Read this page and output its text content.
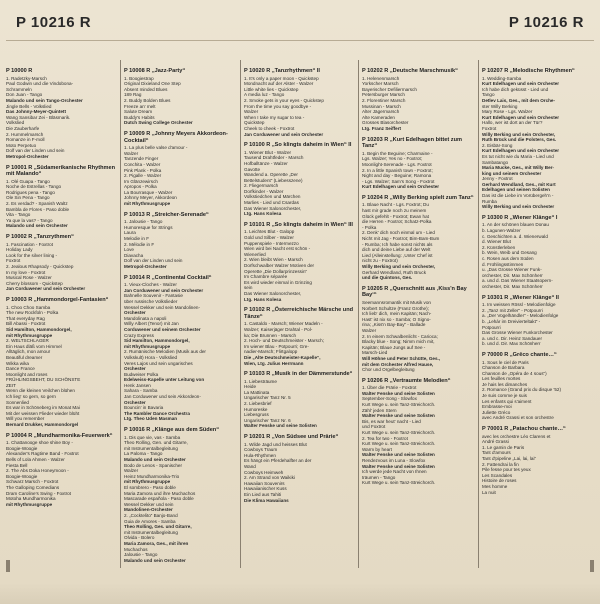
P 10216 R	P 10216 R
P 10000 R
1. Radetzky-Marsch
Paul Godwin und die Vindobona-
Schrammeln
Don Juan - Tango
Malando und sein Tango-Orchester
Jingle Bells - Volkslied
Das Johnny-Meyer-Quintett
Wang Sansibar Zei - Bläsmarik.
Volkslied
Die Zauberharfe
2. Hummelmarsch
Romanze in F-moll
Moto Perpetuo
Dolf van der Linden und sein
Metropol-Orchester
P 10001 R „Südamerikanische Rhythmen mit Malando“
1. Olé Guapa - Tango
Noche de Estrellas - Tango
Rodrigues pena - Tango
Ole Sin Pena - Tango
2. Es verdad? - Spanish Waltz
Bambla de Flores - Paso doble
Vita - Tango
Ya que la vas? - Tango
Malando und sein Orchester
P 10002 R „Tanzrythmen“
1. Fascination - Foxtrot
Holiday Lady
Look for the silver lining -
Foxtrot
2. Jealous Rhapsody - Quickstep
In my love - Foxtrot
Musical Rose - Walzer
Cherry blossom - Quickstep
Jan Corduwener und sein Orchester
P 10003 R „Hammondorgel-Fantasien“
1. Choo Choo Samba
The new Rockfoln - Polka
That everyday Rag
Bill Abassi - Foxtrot
Sid Hamilton, Hammondorgel,
mit Rhythmusgruppe
2. WELTSCHLAGER
Ein Haus dläß vom Himmel
Alltäglich, mon amour
Beautiful dreamer
Wikka wika
Dance France
Moonlight and roses
FRÜHLINGSBEHT, DU SCHÖNSTE
ZEIT
Wenn die kleinen Veilchen blühen
Ich lieg' so gern, so gern
Sonnenlied
Es war in Schöneberg im Monat Mai
Mit der weissen Flieder wieder blüht
Will you remember
Bernard Drukker, Hammondorgel
P 10004 R „Mundharmonika-Feuerwerk“
1. Chattanooge shoe shine Boy -
Boogie-Woogie
Alexander's Ragtime Band - Foxtrot
Bells of Lola Ahmen - Walzer
Fiesta Bell
2. The Abs Doka Honeymoon -
Boogie-Woogie
Schwarz Marsch - Foxtrot
The Galloping Comedians
Dram Caroline's Swing - Foxtrot
Motoha Mundharmonika
mit Rhythmusgruppe
P 10008 R „Jazz-Party“
1. Boogiestrap
Original Dixieland One Step
Absent minded Blues
189 Rag
2. Buddy Bolden Blues
Freeze an' melt
Salute Dream
Buddy's Habits
Dutch Swing College Orchester
P 10009 R „Johnny Meyers Akkordeon-Cocktail“
1. La plus belle valse d'amour -
Walzer
Tanzende Finger
Conchita - Walzer
Pink Plank - Polka
2. Pigalle - Walzer
Im Glänzewirsch
Apropos - Polka
La Bourrasque - Walzer
Johnny Meyer, Akkordeon
mit Rhythmusgruppe
P 10013 R „Streicher-Serenade“
1. Jalousie - Tango
Humoresque for Strings
Laura
Melodie in F
2. Mélodie in F
Love
Diavacha
Dolf van der Linden und sein
Metropol-Orchester
P 10014 R „Continental Cocktail“
1. Vieux-Cloches - Walzer
Jan Corduwener und sein Orchester
Bahnelle Souvenir - Fantasie
über russische Volkslieder
Wessel Dekker und sein Mandolinen-
Orchester
Mandolinata a napoli
Willy Albert (Tenor) mit Jan
Corduwener und seinem Orchester
Crazy Express
Sid Hamilton, Hammondorgel,
mit Rhythmusgruppe
2. Rumänische Melodien (Musik aus der
Volkskult) Hora - Volkslied
Veres Lajos und sein ungarisches
Orchester
Budweiser Polka
Edelweiss-Kapelle unter Leitung von
Henk Jansen
Sahara - Samba
Jan Corduwener und sein Akkordeon-
Orchester
Bouncin' in Bavaria
The Rambler Dance Orchestra
Ltg. Theo Uden Masman
P 10016 R „Klänge aus dem Süden“
1. Dis que vie, vas - Samba
Theo Rolling, Gen. und Gitarre,
mit Instrumentalbegleitung
La Paloma - Tango
Malando und sein Orchester
Bodo de Lenos - Spanischer
Walzer
Heinz Mundharmonika-Trio
mit Rhythmusgruppe
El sombrero - Paso doble
Maria Zamora und ihre Muchachos
Mascarade española - Paso doble
Wessel Dekker und sein
Mandolinen-Orchester
2. „Cocktelito“ Banjo-Band
Guia de Amores - Samba
Theo Rolling, Ges. und Gitarre,
mit Instrumentalbegleitung
Olvida - Bolero
Maria Zamora, Ges., mit ihren
Muchachos
Jalousie - Tango
Malando und sein Orchester
P 10020 R „Tanzrhythmen“ II
1. It's only a paper moon - Quickstep
Mondnacht auf der Alster - Walzer
Little white lies - Quickstep
A media luz - Tango
2. Smoke gets in your eyes - Quickstep
From the time you say goodbye -
Walzer
When I take my sugar to tea -
Quickstep
Cheek to cheek - Foxtrot
Jan Corduwener und sein Orchester
P 10100 R „So klingts daheim in Wien“ II
1. Wiener Blut - Walzer
Tausend Drahtfeder - Marsch
Hofballtänze - Walzer
Gavotte
Wandend a. Operette „Der
Bettelstudent“ (Liebesszene)
2. Fliegermarsch
Dorfkinder - Walzer
Volkstiedchen und Märchen
Marlies - Lied und Csardas
Das Wiener Salonorchester,
Ltg. Hans Kolesa
P 10101 R „So klingts daheim in Wien“ III
1. Leichtes Blut - Galopp
Gold und Silber - Walzer
Puppenspiele - Intermezzo
Wien wird bei Nacht erst schön -
Wienerlied
2. Wien bleibt Wien - Marsch
Dorfschwalber Walzer Motiven der
Operette „Die Dollarprinzessin“
Im Chambre séparée
Es wird wieder einmal in Grinzing
sein
Das Wiener Salonorchester,
Ltg. Hans Kolesa
P 10102 R „Österreichische Märsche und Tänze“
1. Castaldo - Marsch; Wiener Madeln -
Walzer; Kaiserjäger Drahtal - Pol-
ka; Die Brunnen - Marsch
2. Hoch- und Deutschmeister - Marsch;
Im wiener Blau - Potpourri; Gre-
nadier-Marsch; Flirtgalopp
Die „Alte Deutschmeister-Kapelle“,
Wien, Ltg. Julius Herrmann
P 10103 R „Musik in der Dämmerstunde“
1. Liebesträume
Heide
La Mattinata
Ungarischer Tanz Nr. 5
2. Liebesbrief
Humoreske
Liebesgruss
Ungarischer Tanz Nr. 6
Walter Fenske und seine Solisten
P 10201 R „Von Südsee und Prärie“
1. Wilde Jagd und heisses Blut
Cowboys Traum
Hula-Rhythmen
Es hängt ein Pferdehalfter an der
Wand
Cowboys Heimweh
2. Am Strand von Waikiki
Hawaiian Souvenirs
Hawaiianischer Kuss
Ein Lied aus Tahiti
Die Klima Hawaiians
P 10202 R „Deutsche Marschmusik“
1. Helenenmarsch
Yorkscher Marsch
Bayerischer Defiliermarsch
Petersburger Marsch
2. Florentiner Marsch
Mussinan - Marsch
Alter Jägermarsch
Alte Kameraden
Grosses Blasorchester
Ltg. Franz Seiffert
P 10203 R „Kurt Edelhagen bittet zum Tanz“
1. Begin the Beguine; Charmaine -
Lgs. Walzer; Yes no - Foxtrot;
Moonlight-Serenade - Lgs. Foxtrot
2. In a little Spanish town - Foxtrot;
Night and day - Beguine; Ramona
- Lgs. Walzer; Sam's Song - Foxtrot
Kurt Edelhagen und sein Orchester
P 10204 R „Willy Berking spielt zum Tanz“
1. Blaue Nacht - Lgs. Foxtrot; Du
hast mir grade noch zu meinem
Glück gefehlt - Foxtrot; Ewan hat
die Herren - Foxtrot; Schatz-Polka
- Polka
2. Denk' dich noch einmal um - Lied
Nicht mit Jag - Foxtrot; Bim-Bam-Bum
- Rumba; Ich habe sonst nichts als
dich und deine Liebe auf der Welt
Lied (Alleinstellung: ,Unter Chef ist
nicht zu - Foxtrot)
Willy Berking und sein Orchester,
Gerhard Wendland, Ruth Bruck
und die Quintons, Ges.
P 10205 R „Querschnitt aus ‚Kiss'n Bay Bay‘“
Seemannsromantik mit Musik von
Norbert Schultze (Franz Grothe);
Ich lieb' dich, mein Kapitän; Nach-
Hast' ist nix so - Samba; O Signo-
rina; „Kiss'n Bay-Bay“ - Ballade
Walzer
2. In einem Schwalbenlicht - Carioca;
Blacky blue - Song; Nimm mich mit,
Kapitän; Blaue Jungs auf See -
Marsch-Lied
Will Höhne und Peter Schütte, Ges.,
mit dem Orchester Alfred Hause,
Chor und Orgelbegleitung
P 10206 R „Vertraumte Melodien“
1. Über die Prärie - Foxtrot
Walter Fenske und seine Solisten
September-Song - Slowfox
Kurt Wege u. sein Tanz-Streichorch.
Zähl' jeden Stern
Walter Fenske und seine Solisten
Bis, es war heut' nacht - Lied
und Foxtrot
Kurt Wege u. sein Tanz-Streichorch.
2. Tea for two - Foxtrot
Kurt Wege u. sein Tanz-Streichorch.
Warm by heart
Walter Fenske und seine Solisten
Rendezvous im Luna - Slowfox
Walter Fenske und seine Solisten
Ich werde jede Nacht von Ihnen
träumen - Tango
Kurt Wege u. sein Tanz-Streichorch.
P 10207 R „Melodische Rhythmen“
1. Wedding-Samba
Kurt Edelhagen und sein Orchester
Ich habe dich geküsst - Lied und
Tango
Detlev Lais, Ges., mit dem Orche-
ster Willy Berking
Mary Rose - Lgs. Walzer
Kurt Edelhagen und sein Orchester
Hallo, wer ist dort an der Tür?
Foxtrot
Willy Berking und sein Orchester,
Ruth Brück und die Polsters, Ges.
2. Eisbär-Song
Kurt Edelhagen und sein Orchester
Es tut nicht wie du Maria - Lied und
Sambatango
Maria Mucke, Ges., mit Willy Ber-
king und seinem Orchester
Jenny - Foxtrot
Gerhard Wendland, Ges., mit Kurt
Edelhagen und seinen Solisten
Das ist die Liebe im Vorübergeh'n -
Rumba
Willy Berking und sein Orchester
P 10300 R „Wiener Klänge“ I
1. An der schönen blauen Donau
b. Lagunen-Walzer
c. Geschichten a. d. Wienerwald
d. Wiener Blut
2. Künstlerleben
b. Wein, Weib und Gesang
c. Rosen aus dem Süden
d. Frühlingsstimmen
u. „Das Grosse Wiener Funk-
orchester, Dir. Max Schönherr
a. und d. Das Wiener Staatsopern-
orchester, Dir. Max Schönherr
P 10301 R „Wiener Klänge“ II
1. Im weissen Rössl - Melodienfolge
2. „Tanz mit Zeller“ - Potpourri
a. „Der Vogelhändler“ - Melodienfolge
b. „Lehár im Dreivierteltakt“ -
Potpourri
Das Grosse Wiener Funkorchester
a. und c. Dir. Heinz Sandauer
b. und d. Dir. Max Schönherr
P 70000 R „Grêco chante…“
1. Sous le ciel de Paris
Chanson de Barbara
Chanson de „Opéra de 4 sous“)
Les feuilles mortes
Je hais les dimanches
2. Romance (Grand prix du disque '52)
Je suis comme je suis
Les enfants qui s'aiment
Embrasse-moi
Juliette Gréco
avec André Grassi et son orchestre
P 70001 R „Patachou chante…“
avec les orchestre Léo Clarens et
André Grassi
1. Le gamin de Paris
Tant d'amours
Tant d'pipeline „Lai, lai, lai“
2. Fattendrai la fin
Pile fesse pour tes yeux
Les Scandales
Histoire de roses
Mes homme
La nuit
